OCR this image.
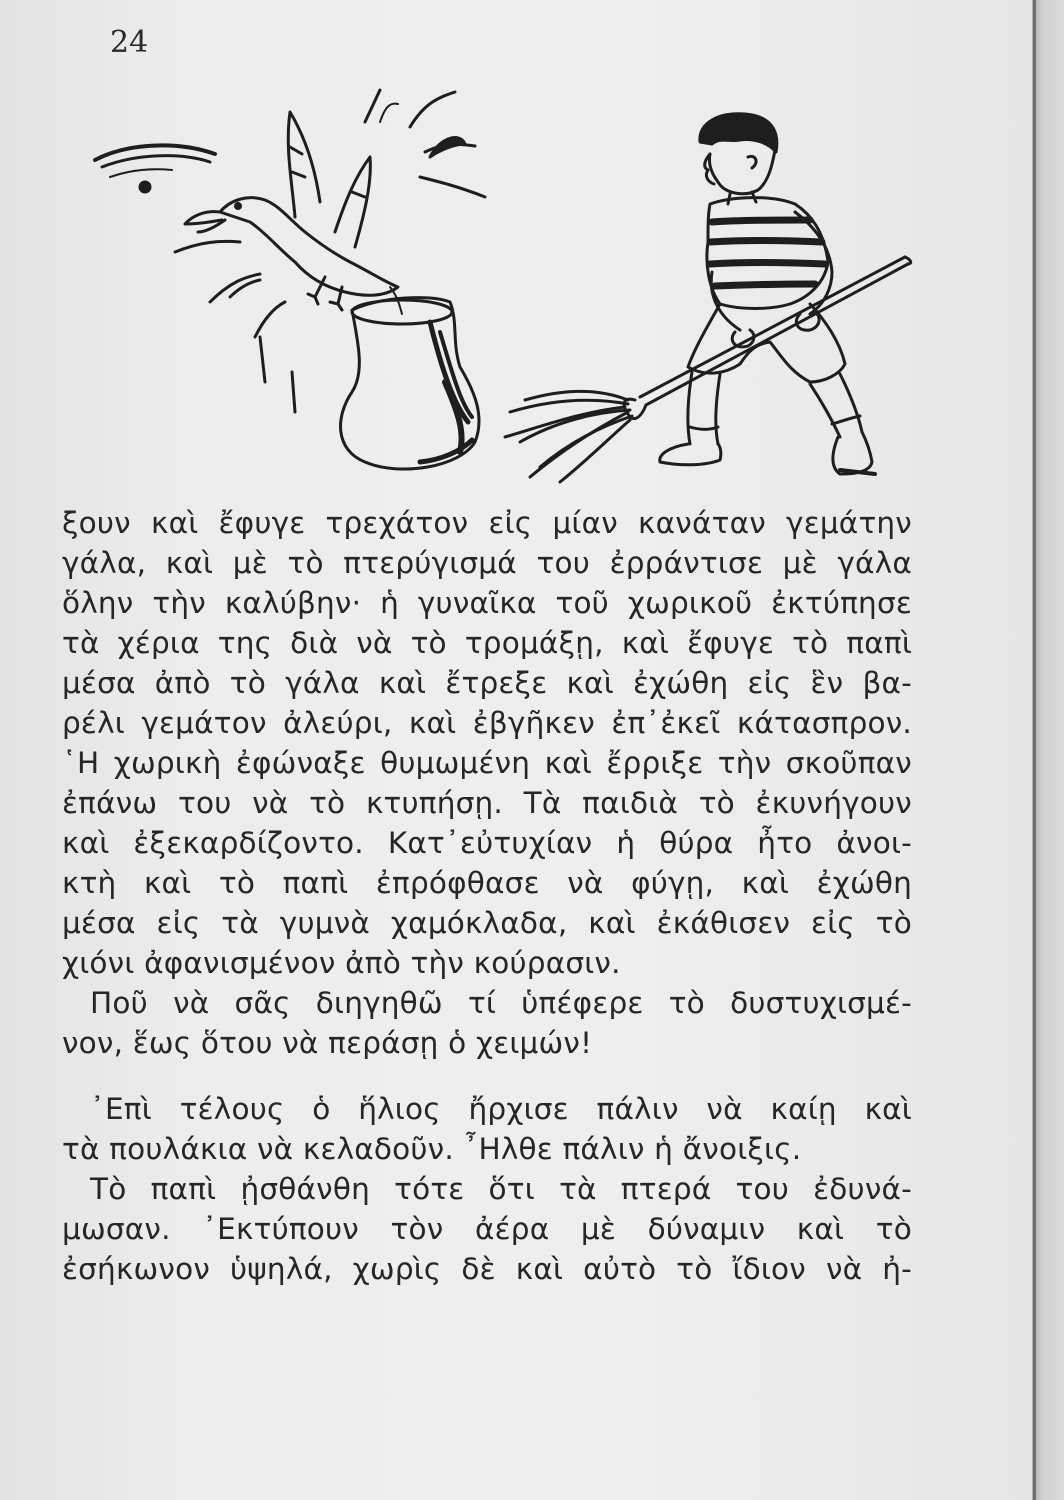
24
ξουν καὶ ἔφυγε τρεχάτον εἰς μίαν κανάταν γεμάτην
γάλα, καὶ μὲ τὸ πτερύγισμά του ἐρράντισε μὲ γάλα
ὅλην τὴν καλύβην· ἡ γυναῖκα τοῦ χωρικοῦ ἐκτύπησε
τὰ χέρια της διὰ νὰ τὸ τρομάξῃ, καὶ ἔφυγε τὸ παπὶ
μέσα ἀπὸ τὸ γάλα καὶ ἔτρεξε καὶ ἐχώθη εἰς ἓν βα-
ρέλι γεμάτον ἀλεύρι, καὶ ἐβγῆκεν ἐπ᾽ἐκεῖ κάτασπρον.
῾Η χωρικὴ ἐφώναξε θυμωμένη καὶ ἔρριξε τὴν σκοῦπαν
ἐπάνω του νὰ τὸ κτυπήσῃ. Τὰ παιδιὰ τὸ ἐκυνήγουν
καὶ ἐξεκαρδίζοντο. Κατ᾽εὐτυχίαν ἡ θύρα ἦτο ἀνοι-
κτὴ καὶ τὸ παπὶ ἐπρόφθασε νὰ φύγῃ, καὶ ἐχώθη
μέσα εἰς τὰ γυμνὰ χαμόκλαδα, καὶ ἐκάθισεν εἰς τὸ
χιόνι ἀφανισμένον ἀπὸ τὴν κούρασιν.
Ποῦ νὰ σᾶς διηγηθῶ τί ὑπέφερε τὸ δυστυχισμέ-
νον, ἕως ὅτου νὰ περάσῃ ὁ χειμών!
᾽Επὶ τέλους ὁ ἥλιος ἤρχισε πάλιν νὰ καίῃ καὶ
τὰ πουλάκια νὰ κελαδοῦν. ῏Ηλθε πάλιν ἡ ἄνοιξις.
Τὸ παπὶ ᾐσθάνθη τότε ὅτι τὰ πτερά του ἐδυνά-
μωσαν. ᾽Εκτύπουν τὸν ἀέρα μὲ δύναμιν καὶ τὸ
ἐσήκωνον ὑψηλά, χωρὶς δὲ καὶ αὐτὸ τὸ ἴδιον νὰ ἠ-
